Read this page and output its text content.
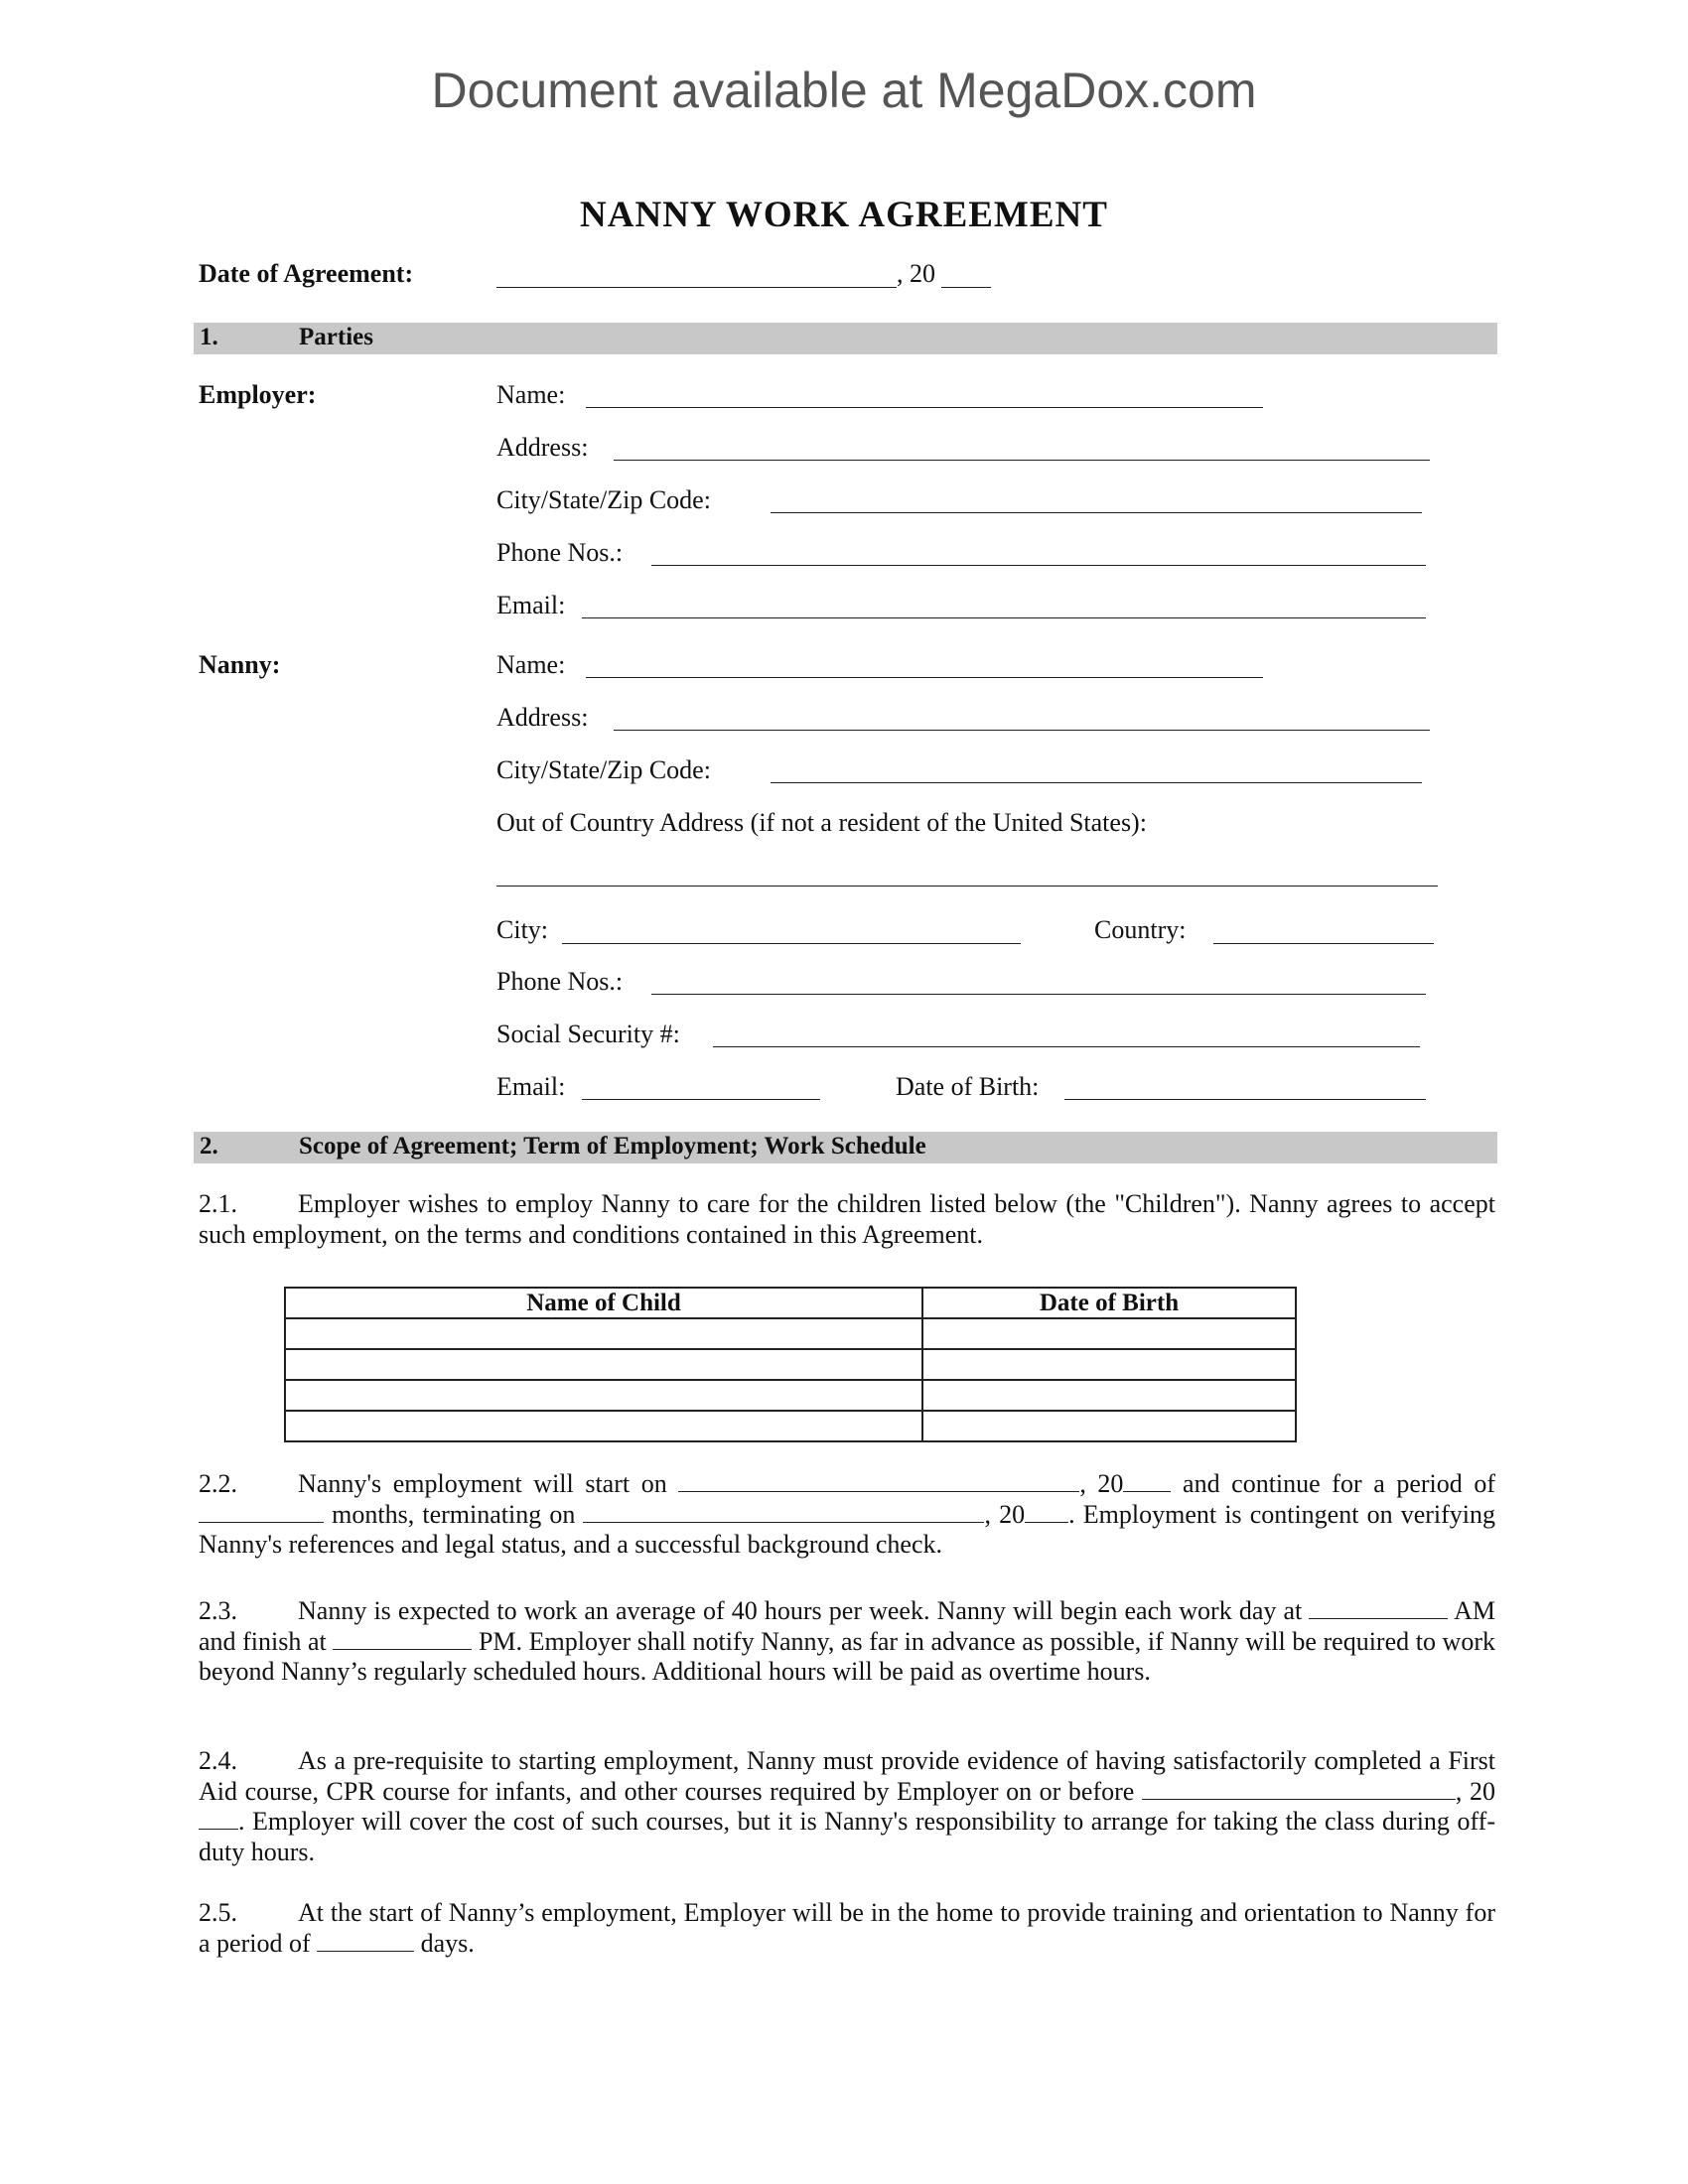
Document available at MegaDox.com
NANNY WORK AGREEMENT
Date of Agreement:	, 20
1.	Parties
Employer:	Name:
Address:
City/State/Zip Code:
Phone Nos.:
Email:
Nanny:	Name:
Address:
City/State/Zip Code:
Out of Country Address (if not a resident of the United States):
City:	Country:
Phone Nos.:
Social Security #:
Email:	Date of Birth:
2.	Scope of Agreement; Term of Employment; Work Schedule
2.1. Employer wishes to employ Nanny to care for the children listed below (the "Children"). Nanny agrees to accept such employment, on the terms and conditions contained in this Agreement.
Name of Child	Date of Birth

2.2. Nanny's employment will start on	, 20 and continue for a period of  months, terminating on	, 20 . Employment is contingent on verifying Nanny's references and legal status, and a successful background check.
2.3. Nanny is expected to work an average of 40 hours per week. Nanny will begin each work day at	AM and finish at	PM. Employer shall notify Nanny, as far in advance as possible, if Nanny will be required to work beyond Nanny’s regularly scheduled hours. Additional hours will be paid as overtime hours.
2.4. As a pre-requisite to starting employment, Nanny must provide evidence of having satisfactorily completed a First Aid course, CPR course for infants, and other courses required by Employer on or before	, 20. Employer will cover the cost of such courses, but it is Nanny's responsibility to arrange for taking the class during off-duty hours.
2.5. At the start of Nanny’s employment, Employer will be in the home to provide training and orientation to Nanny for a period of	days.
